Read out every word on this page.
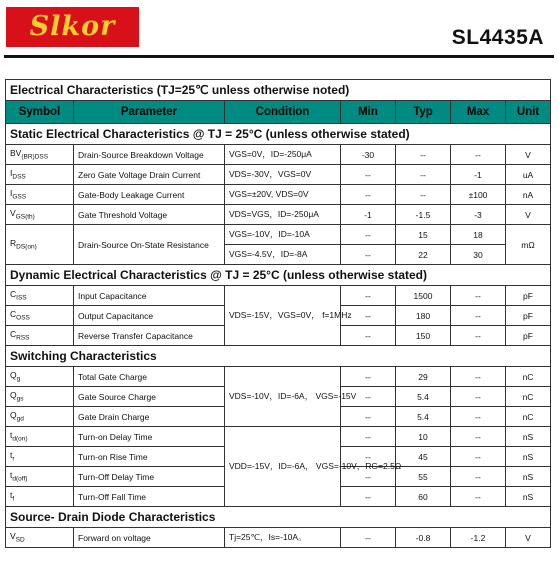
Slkor	SL4435A
Electrical Characteristics (TJ=25℃ unless otherwise noted)						
Symbol	Parameter	Condition	Min	Typ	Max	Unit
Static Electrical Characteristics @ TJ = 25°C (unless otherwise stated)						
$BV_{(BR)DSS}$	Drain-Source Breakdown Voltage	VGS=0V，ID=-250μA	-30	--	--	V
$I_{DSS}$	Zero Gate Voltage Drain Current	VDS=-30V，VGS=0V	--	--	-1	uA
$I_{GSS}$	Gate-Body Leakage Current	VGS=±20V, VDS=0V	--	--	±100	nA
$V_{GS(th)}$	Gate Threshold Voltage	VDS=VGS，ID=-250μA	-1	-1.5	-3	V
$R_{DS(on)}$	Drain-Source On-State Resistance	VGS=-10V，ID=-10A	--	15	18	mΩ
		VGS=-4.5V，ID=-8A	--	22	30	
Dynamic Electrical Characteristics @ TJ = 25°C (unless otherwise stated)						
$C_{ISS}$	Input Capacitance	VDS=-15V，VGS=0V， f=1MHz	--	1500	--	pF
$C_{OSS}$	Output Capacitance		--	180	--	pF
$C_{RSS}$	Reverse Transfer Capacitance		--	150	--	pF
Switching Characteristics						
$Q_g$	Total Gate Charge	VDS=-10V，ID=-6A， VGS=-15V	--	29	--	nC
$Q_{gs}$	Gate Source Charge		--	5.4	--	nC
$Q_{gd}$	Gate Drain Charge		--	5.4	--	nC
$t_{d(on)}$	Turn-on Delay Time	VDD=-15V，ID=-6A， VGS=-10V，RG=2.5Ω	--	10	--	nS
$t_r$	Turn-on Rise Time		--	45	--	nS
$t_{d(off)}$	Turn-Off Delay Time		--	55	--	nS
$t_f$	Turn-Off Fall Time		--	60	--	nS
Source- Drain Diode Characteristics						
$V_{SD}$	Forward on voltage	Tj=25℃，Is=-10A。	--	-0.8	-1.2	V
